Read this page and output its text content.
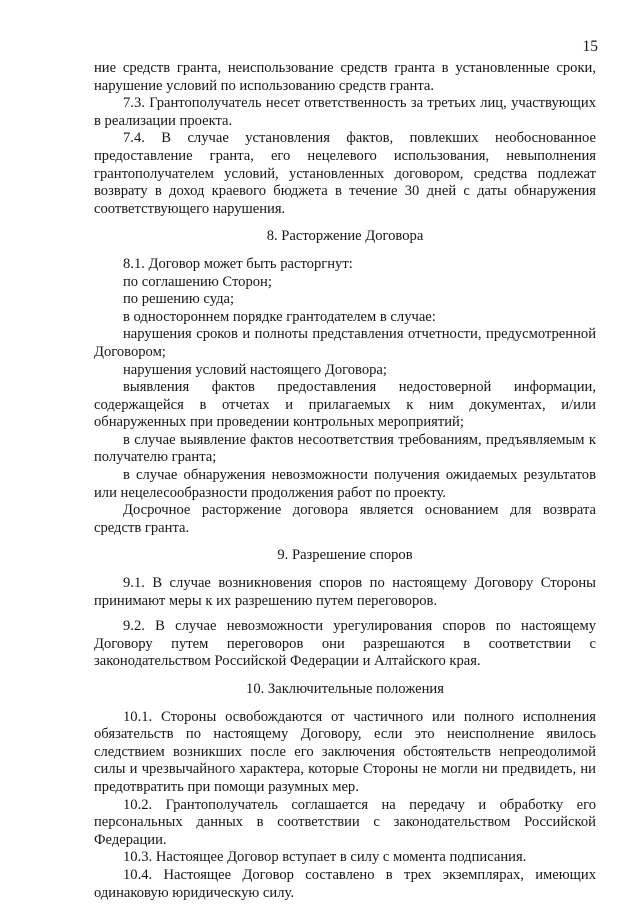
15

ние средств гранта, неиспользование средств гранта в установленные сроки, нарушение условий по использованию средств гранта.

7.3. Грантополучатель несет ответственность за третьих лиц, участвующих в реализации проекта.

7.4. В случае установления фактов, повлекших необоснованное предоставление гранта, его нецелевого использования, невыполнения грантополучателем условий, установленных договором, средства подлежат возврату в доход краевого бюджета в течение 30 дней с даты обнаружения соответствующего нарушения.

8. Расторжение Договора

8.1. Договор может быть расторгнут:

по соглашению Сторон;

по решению суда;

в одностороннем порядке грантодателем в случае:

нарушения сроков и полноты представления отчетности, предусмотренной Договором;

нарушения условий настоящего Договора;

выявления фактов предоставления недостоверной информации, содержащейся в отчетах и прилагаемых к ним документах, и/или обнаруженных при проведении контрольных мероприятий;

в случае выявление фактов несоответствия требованиям, предъявляемым к получателю гранта;

в случае обнаружения невозможности получения ожидаемых результатов или нецелесообразности продолжения работ по проекту.

Досрочное расторжение договора является основанием для возврата средств гранта.

9. Разрешение споров

9.1. В случае возникновения споров по настоящему Договору Стороны принимают меры к их разрешению путем переговоров.

9.2. В случае невозможности урегулирования споров по настоящему Договору путем переговоров они разрешаются в соответствии с законодательством Российской Федерации и Алтайского края.

10. Заключительные положения

10.1. Стороны освобождаются от частичного или полного исполнения обязательств по настоящему Договору, если это неисполнение явилось следствием возникших после его заключения обстоятельств непреодолимой силы и чрезвычайного характера, которые Стороны не могли ни предвидеть, ни предотвратить при помощи разумных мер.

10.2. Грантополучатель соглашается на передачу и обработку его персональных данных в соответствии с законодательством Российской Федерации.

10.3. Настоящее Договор вступает в силу с момента подписания.

10.4. Настоящее Договор составлено в трех экземплярах, имеющих одинаковую юридическую силу.
